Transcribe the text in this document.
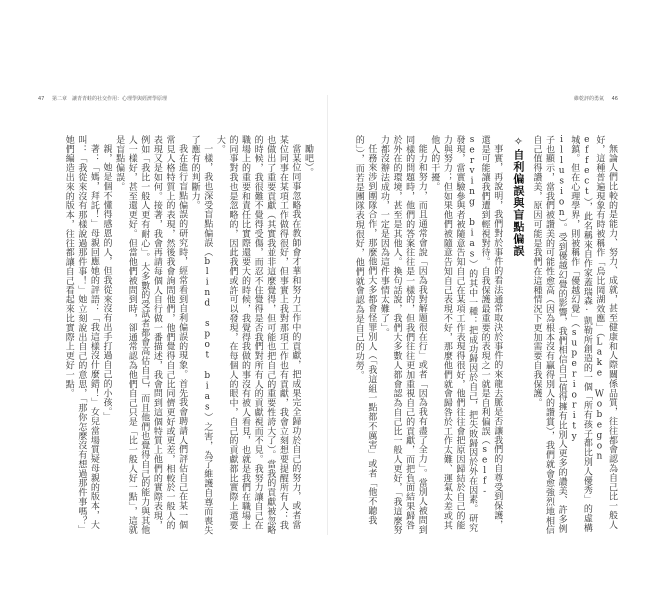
47 第二章　讓青青蛙的社交作用：心理學與經濟學原理

勵吧）。

當某位同事忽略我在教師會才華和努力工作中的貢獻，把成果完全歸功於自己的努力，或者當某位同事在某項工作做得很好，但事實上我對那項工作也有貢獻，我會立刻想要提醒所有人：我也做出了重要貢獻（其實我並非這麼覺得，但可能也把自己的重要性誇大了）。當我的貢獻被忽略的時候，我很難不覺得受傷，而忍不住覺得是否我們對所有人的貢獻視而不見。我努力讓自己在職場上的重要和責任比實際還要大的時候，我覺得我做的事沒有被人看見，也就是我們在職場上的同事對我也是忽略的，因此我們或許可以發現，在每個人的眼中，自己的貢獻都比實際上還要大。

一樣，我也深受盲點偏誤（blind spot bias）之害，為了維護自尊而喪失了應有的判斷力。

我在進行盲點偏誤的研究時，經常看到自利偏誤的現象。首先我會聘請人們評估自己在某一個常見人格特質上的表現，然後我會詢問他們，他們覺得自己比同儕更好或更差，相較於一般人的表現又是如何。接著，我會再請每個人自行做一番描述，我會問到這個特質上他們的實際表現，例如「我比一般人更有耐心」。大多數的受試者都會高估自己，而且他們也覺得自己的能力與其他人一樣好，甚至還更好。但當他們被問到時，卻通常認為他們自己只是「比一般人好一點」，這就是盲點偏誤。

親，她是個不懂得感恩的人，但我從來沒有出手打過自己的小孩。」

著：「媽，拜託！」母親回應她的評語：「我這樣沒什麼錯！」女兒當場質疑母親的版本，大叫：「我從來沒有那樣說過那件事！」她立刻說出自己的意思，「那你怎麼沒有想過那件事嗎？」她們編造出來的版本，往往都讓自己看起來比實際上更好一點。

維乾評的勇氣 46

無論人們比較的是能力、努力、成就，甚至健康和人際關係品質，往往都會認為自己比一般人好，這種普遍現象有時被稱作「烏比岡湖效應」（Lake Wobegon effect），此名稱來自作家蓋瑞森·凱勒所創造的一個「所有孩子都比別人優秀」的虛構城鎮。但在心理學界，則被稱作「優越幻覺」（superiority illusion）。受到優越幻覺的影響，我們相信自己值得擁有比別人更多的讚美、許多例子也顯示，當我們被讚美的可能性愈高（因為根本沒有贏得別人的讚賞），我們就會愈強烈地相信自己值得讚美，原因可能是我們在這種情況下更加需要自我保護。

✧自利偏誤與盲點偏誤

事實，再說明，我們對於事件的看法通常取決於事件的來龍去脈是否讓我們的自尊受到保護，還是可能讓我們遭到輕視對待。自我保護最重要的表現之一就是自利偏誤（self-serving bias）的其中一種：把成功歸因於自己，把失敗歸因於外在因素。研究發現，當實驗參與者被隨意告知自己在某項工作表現得很好，他們往往會把原因歸結於自己的能力與努力；但如果他們被隨意告知自己表現不好，那麼他們就會歸咎於工作太難、運氣太差或其他人的干擾。

能力和努力，而且通常會說「因為我對解題很在行」或者「因為我有盡了全力」。當別人被問到同樣的問題時，他們的答案往往是一樣的，但我們往往更加重視自己的貢獻，而把負面結果歸咎於外在的環境，甚至是其他人。換句話說，我們大多數人都會認為自己比一般人更好，「我這麼努力都沒辦法成功，一定是因為這件事情太難了」。

任務來涉到團隊合作，那麼他們大多都會怪罪別人（「我這組一點都不厲害」或者「他不聽我的」），而若是團隊表現很好，他們就會認為是自己的功勞。
